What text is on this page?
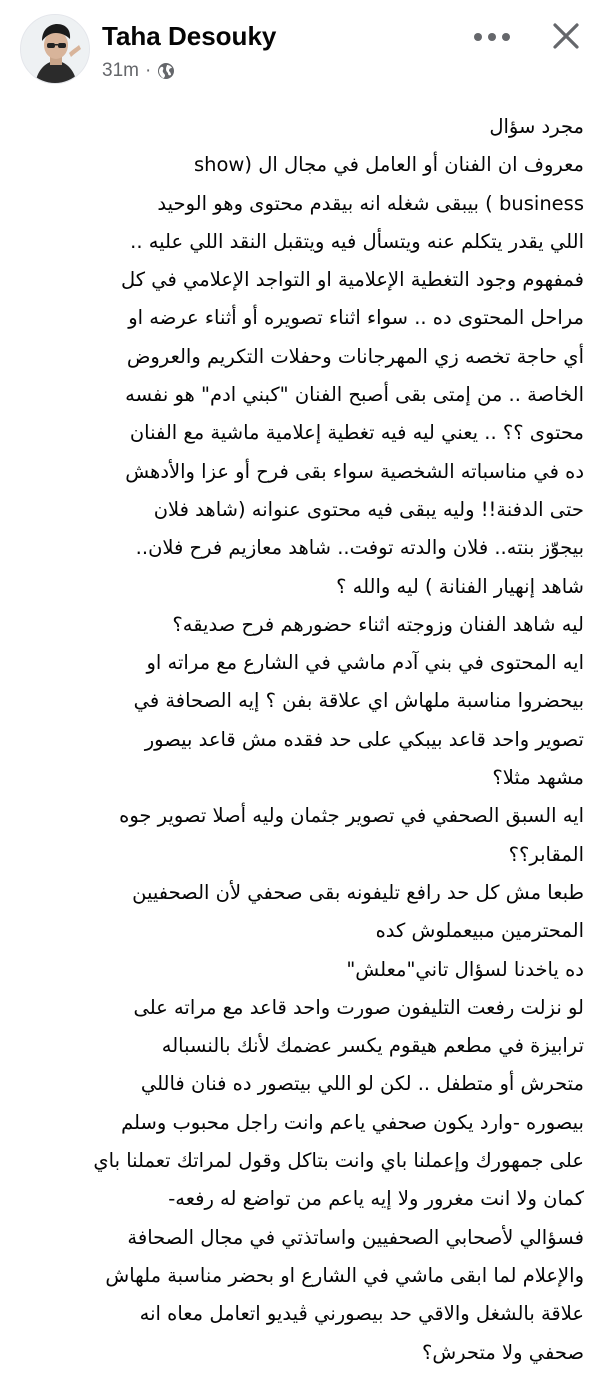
Taha Desouky
31m ·
مجرد سؤال
معروف ان الفنان أو العامل في مجال ال (show
business ) بيبقى شغله انه بيقدم محتوى وهو الوحيد
اللي يقدر يتكلم عنه ويتسأل فيه ويتقبل النقد اللي عليه ..
فمفهوم وجود التغطية الإعلامية او التواجد الإعلامي في كل
مراحل المحتوى ده .. سواء اثناء تصويره أو أثناء عرضه او
أي حاجة تخصه زي المهرجانات وحفلات التكريم والعروض
الخاصة .. من إمتى بقى أصبح الفنان "كبني ادم" هو نفسه
محتوى ؟؟ .. يعني ليه فيه تغطية إعلامية ماشية مع الفنان
ده في مناسباته الشخصية سواء بقى فرح أو عزا والأدهش
حتى الدفنة!! وليه يبقى فيه محتوى عنوانه (شاهد فلان
بيجوّز بنته.. فلان والدته توفت.. شاهد معازيم فرح فلان..
شاهد إنهيار الفنانة ) ليه والله ؟
ليه شاهد الفنان وزوجته اثناء حضورهم فرح صديقه؟
ايه المحتوى في بني آدم ماشي في الشارع مع مراته او
بيحضروا مناسبة ملهاش اي علاقة بفن ؟ إيه الصحافة في
تصوير واحد قاعد بيبكي على حد فقده مش قاعد بيصور
مشهد مثلا؟
ايه السبق الصحفي في تصوير جثمان وليه أصلا تصوير جوه
المقابر؟؟
طبعا مش كل حد رافع تليفونه بقى صحفي لأن الصحفيين
المحترمين مبيعملوش كده
ده ياخدنا لسؤال تاني"معلش"
لو نزلت رفعت التليفون صورت واحد قاعد مع مراته على
ترابيزة في مطعم هيقوم يكسر عضمك لأنك بالنسباله
متحرش أو متطفل .. لكن لو اللي بيتصور ده فنان فاللي
بيصوره -وارد يكون صحفي ياعم وانت راجل محبوب وسلم
على جمهورك وإعملنا باي وانت بتاكل وقول لمراتك تعملنا باي
كمان ولا انت مغرور ولا إيه ياعم من تواضع له رفعه-
فسؤالي لأصحابي الصحفيين واساتذتي في مجال الصحافة
والإعلام لما ابقى ماشي في الشارع او بحضر مناسبة ملهاش
علاقة بالشغل والاقي حد بيصورني ڤيديو اتعامل معاه انه
صحفي ولا متحرش؟
